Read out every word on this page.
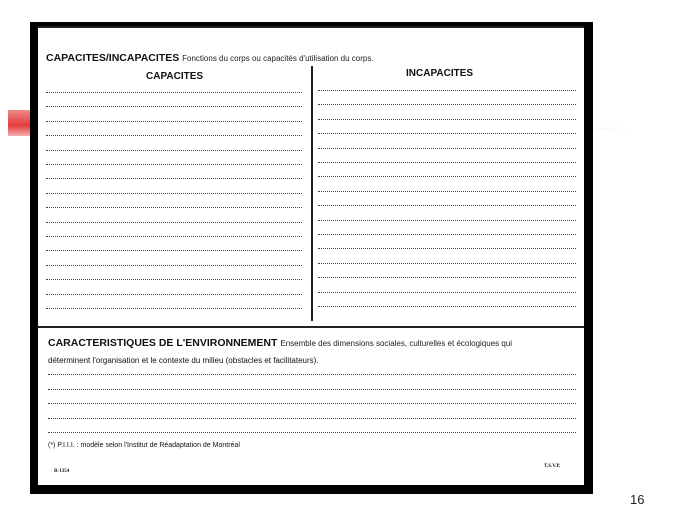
CAPACITES/INCAPACITES Fonctions du corps ou capacités d'utilisation du corps.
CAPACITES	INCAPACITES
CARACTERISTIQUES DE L'ENVIRONNEMENT Ensemble des dimensions sociales, culturelles et écologiques qui
déterminent l'organisation et le contexte du milieu (obstacles et facilitateurs).
(*) P.I.I.I. : modèle selon l'Institut de Réadaptation de Montréal
R-1354
T.S.V.P.
16
